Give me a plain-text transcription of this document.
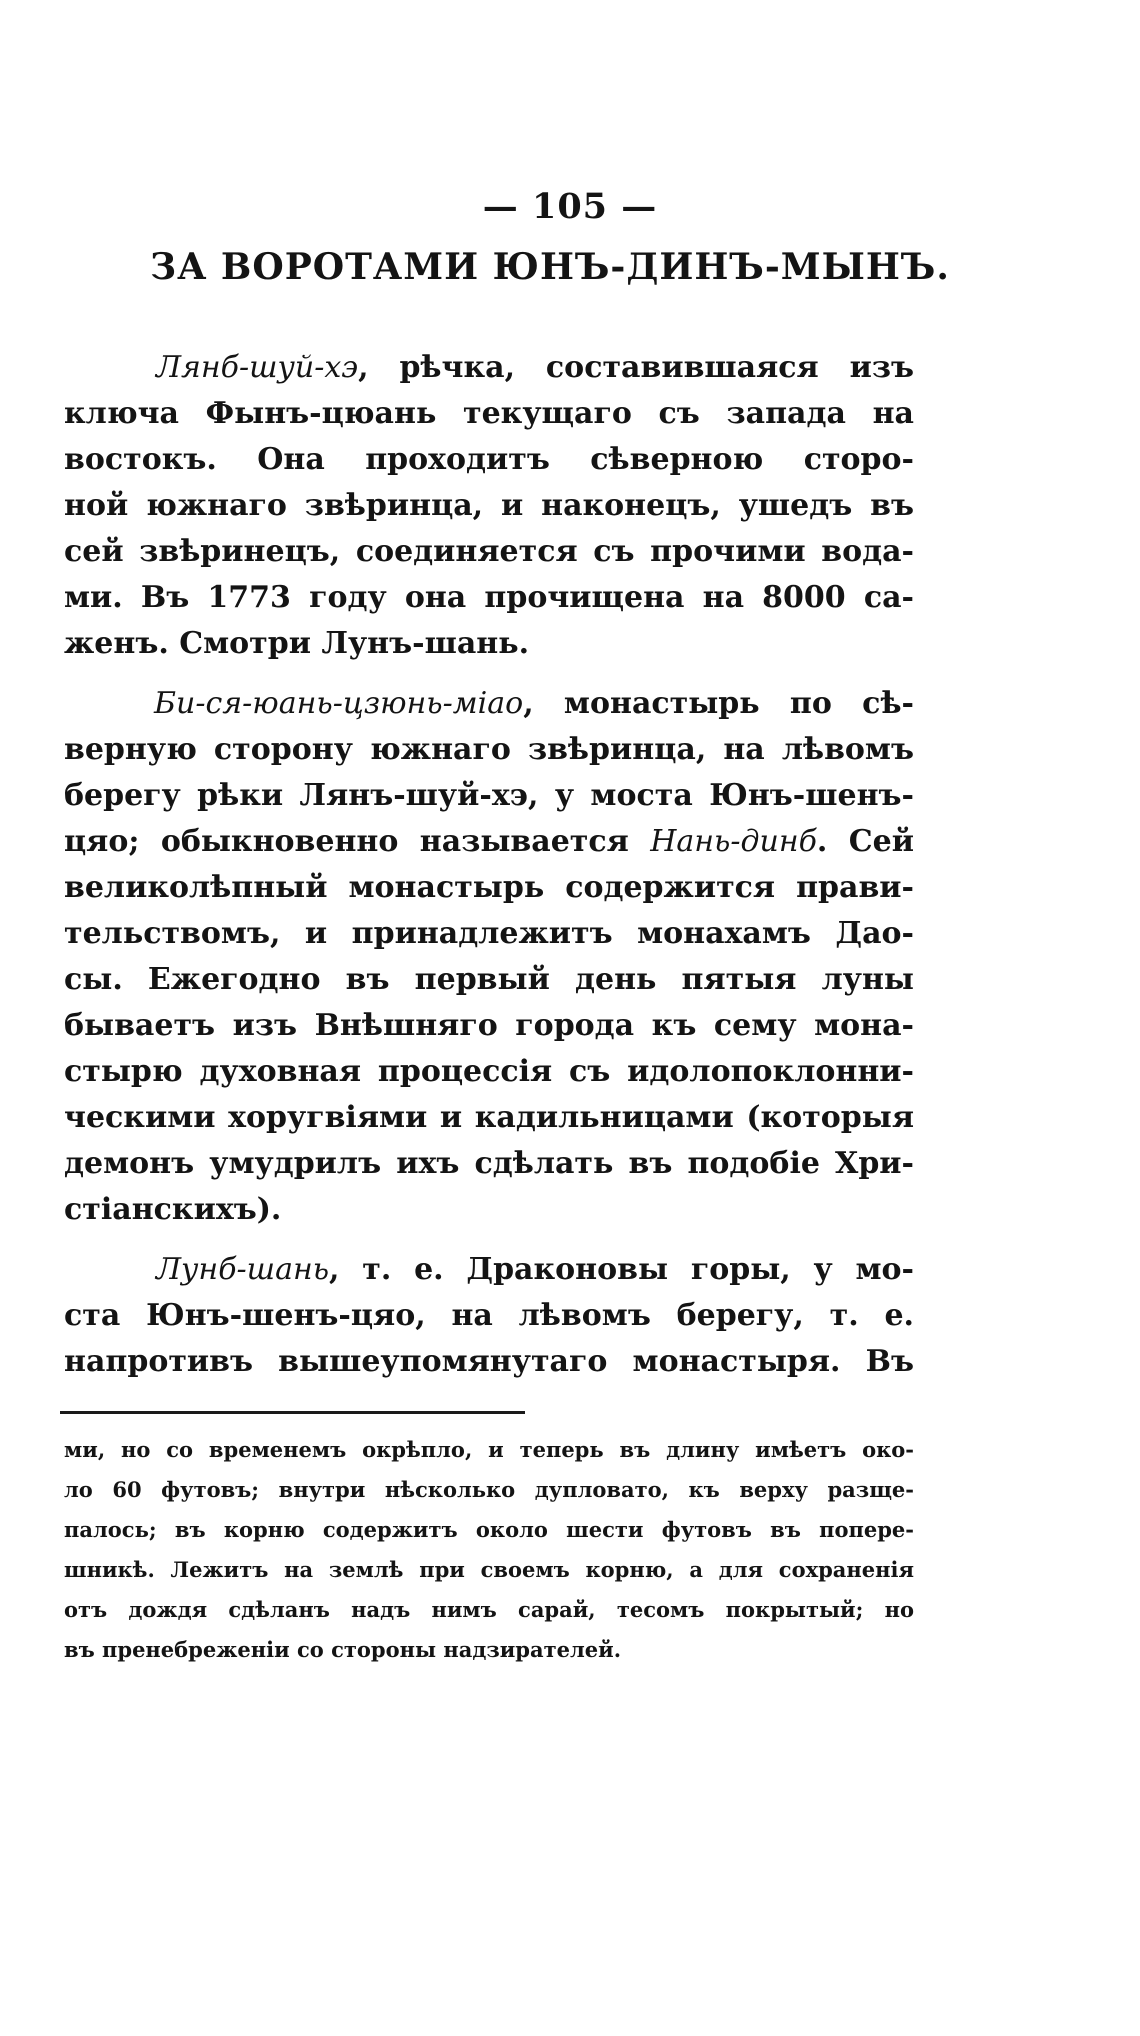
— 105 —
ЗА ВОРОТАМИ ЮНЪ-ДИНЪ-МЫНЪ.
Лянб-шуй-хэ, рѣчка, составившаяся изъ
ключа Фынъ-цюань текущаго съ запада на
востокъ. Она проходитъ сѣверною сторо-
ной южнаго звѣринца, и наконецъ, ушедъ въ
сей звѣринецъ, соединяется съ прочими вода-
ми. Въ 1773 году она прочищена на 8000 са-
женъ. Смотри Лунъ-шань.
Би-ся-юань-цзюнь-міао, монастырь по сѣ-
верную сторону южнаго звѣринца, на лѣвомъ
берегу рѣки Лянъ-шуй-хэ, у моста Юнъ-шенъ-
цяо; обыкновенно называется Нань-динб. Сей
великолѣпный монастырь содержится прави-
тельствомъ, и принадлежитъ монахамъ Дао-
сы. Ежегодно въ первый день пятыя луны
бываетъ изъ Внѣшняго города къ сему мона-
стырю духовная процессія съ идолопоклонни-
ческими хоругвіями и кадильницами (которыя
демонъ умудрилъ ихъ сдѣлать въ подобіе Хри-
стіанскихъ).
Лунб-шань, т. е. Драконовы горы, у мо-
ста Юнъ-шенъ-цяо, на лѣвомъ берегу, т. е.
напротивъ вышеупомянутаго монастыря. Въ
ми, но со временемъ окрѣпло, и теперь въ длину имѣетъ око-
ло 60 футовъ; внутри нѣсколько дупловато, къ верху разще-
палось; въ корню содержитъ около шести футовъ въ попере-
шникѣ. Лежитъ на землѣ при своемъ корню, а для сохраненія
отъ дождя сдѣланъ надъ нимъ сарай, тесомъ покрытый; но
въ пренебреженіи со стороны надзирателей.
